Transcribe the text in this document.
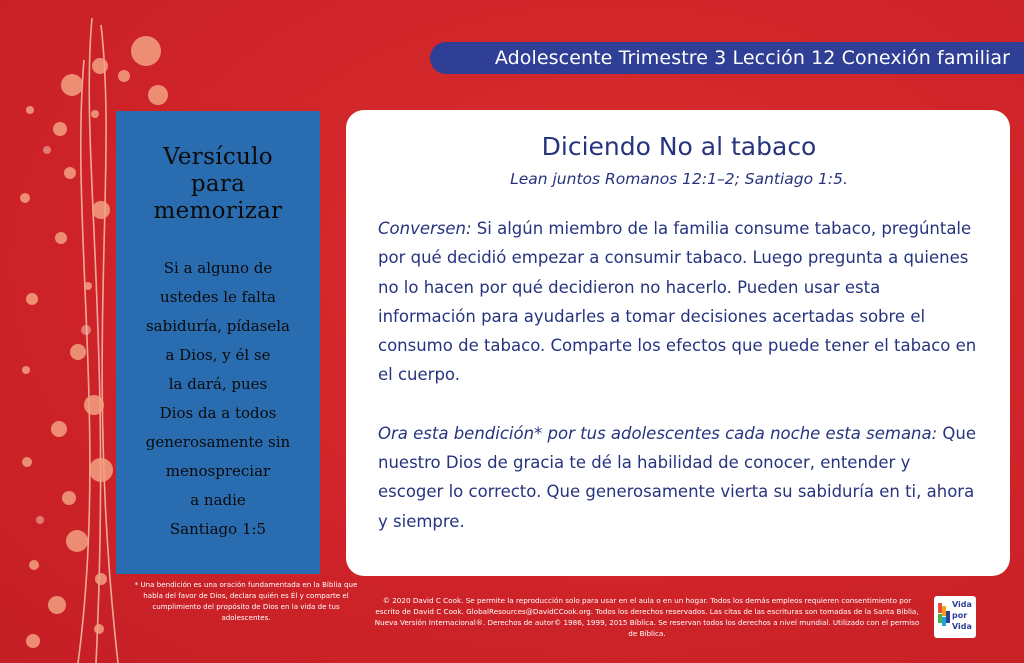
Adolescente Trimestre 3 Lección 12 Conexión familiar
Versículo
para
memorizar
Si a alguno de
ustedes le falta
sabiduría, pídasela
a Dios, y él se
la dará, pues
Dios da a todos
generosamente sin
menospreciar
a nadie
Santiago 1:5
Diciendo No al tabaco
Lean juntos Romanos 12:1–2; Santiago 1:5.
Conversen: Si algún miembro de la familia consume tabaco, pregúntale por qué decidió empezar a consumir tabaco. Luego pregunta a quienes no lo hacen por qué decidieron no hacerlo. Pueden usar esta información para ayudarles a tomar decisiones acertadas sobre el consumo de tabaco. Comparte los efectos que puede tener el tabaco en el cuerpo.
Ora esta bendición* por tus adolescentes cada noche esta semana: Que nuestro Dios de gracia te dé la habilidad de conocer, entender y escoger lo correcto. Que generosamente vierta su sabiduría en ti, ahora y siempre.
* Una bendición es una oración fundamentada en la Biblia que habla del favor de Dios, declara quién es Él y comparte el cumplimiento del propósito de Dios en la vida de tus adolescentes.
© 2020 David C Cook. Se permite la reproducción solo para usar en el aula o en un hogar. Todos los demás empleos requieren consentimiento por escrito de David C Cook. GlobalResources@DavidCCook.org. Todos los derechos reservados. Las citas de las escrituras son tomadas de la Santa Biblia, Nueva Versión Internacional®. Derechos de autor© 1986, 1999, 2015 Bíblica. Se reservan todos los derechos a nivel mundial. Utilizado con el permiso de Bíblica.
Vida
por
Vida
